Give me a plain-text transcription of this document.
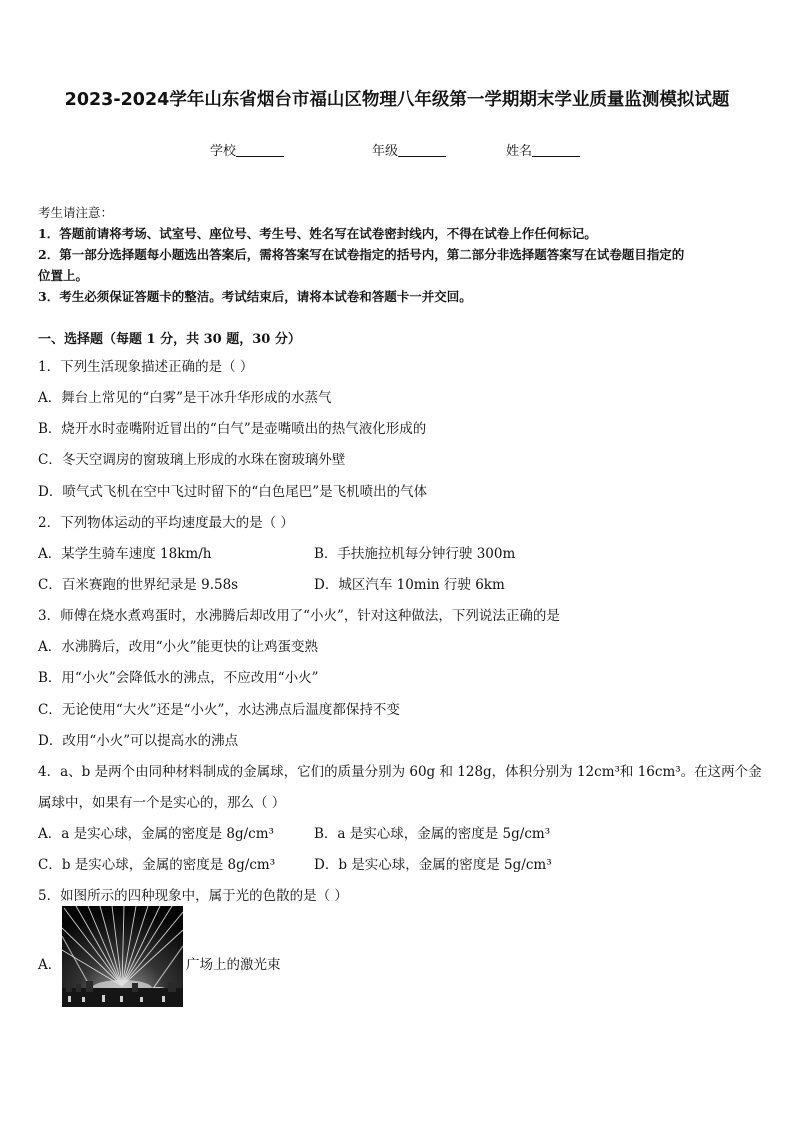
2023-2024学年山东省烟台市福山区物理八年级第一学期期末学业质量监测模拟试题
学校	年级	姓名
考生请注意：
1．答题前请将考场、试室号、座位号、考生号、姓名写在试卷密封线内，不得在试卷上作任何标记。
2．第一部分选择题每小题选出答案后，需将答案写在试卷指定的括号内，第二部分非选择题答案写在试卷题目指定的
位置上。
3．考生必须保证答题卡的整洁。考试结束后，请将本试卷和答题卡一并交回。
一、选择题（每题 1 分，共 30 题，30 分）
1．下列生活现象描述正确的是（ ）
A．舞台上常见的“白雾”是干冰升华形成的水蒸气
B．烧开水时壶嘴附近冒出的“白气”是壶嘴喷出的热气液化形成的
C．冬天空调房的窗玻璃上形成的水珠在窗玻璃外壁
D．喷气式飞机在空中飞过时留下的“白色尾巴”是飞机喷出的气体
2．下列物体运动的平均速度最大的是（ ）
A．某学生骑车速度 18km/h	B．手扶施拉机每分钟行驶 300m
C．百米赛跑的世界纪录是 9.58s	D．城区汽车 10min 行驶 6km
3．师傅在烧水煮鸡蛋时，水沸腾后却改用了“小火”，针对这种做法，下列说法正确的是
A．水沸腾后，改用“小火”能更快的让鸡蛋变熟
B．用“小火”会降低水的沸点，不应改用“小火”
C．无论使用“大火”还是“小火”，水达沸点后温度都保持不变
D．改用“小火”可以提高水的沸点
4．a、b 是两个由同种材料制成的金属球，它们的质量分别为 60g 和 128g，体积分别为 12cm³和 16cm³。在这两个金
属球中，如果有一个是实心的，那么（ ）
A．a 是实心球，金属的密度是 8g/cm³	B．a 是实心球，金属的密度是 5g/cm³
C．b 是实心球，金属的密度是 8g/cm³	D．b 是实心球，金属的密度是 5g/cm³
5．如图所示的四种现象中，属于光的色散的是（ ）
A．	广场上的激光束
